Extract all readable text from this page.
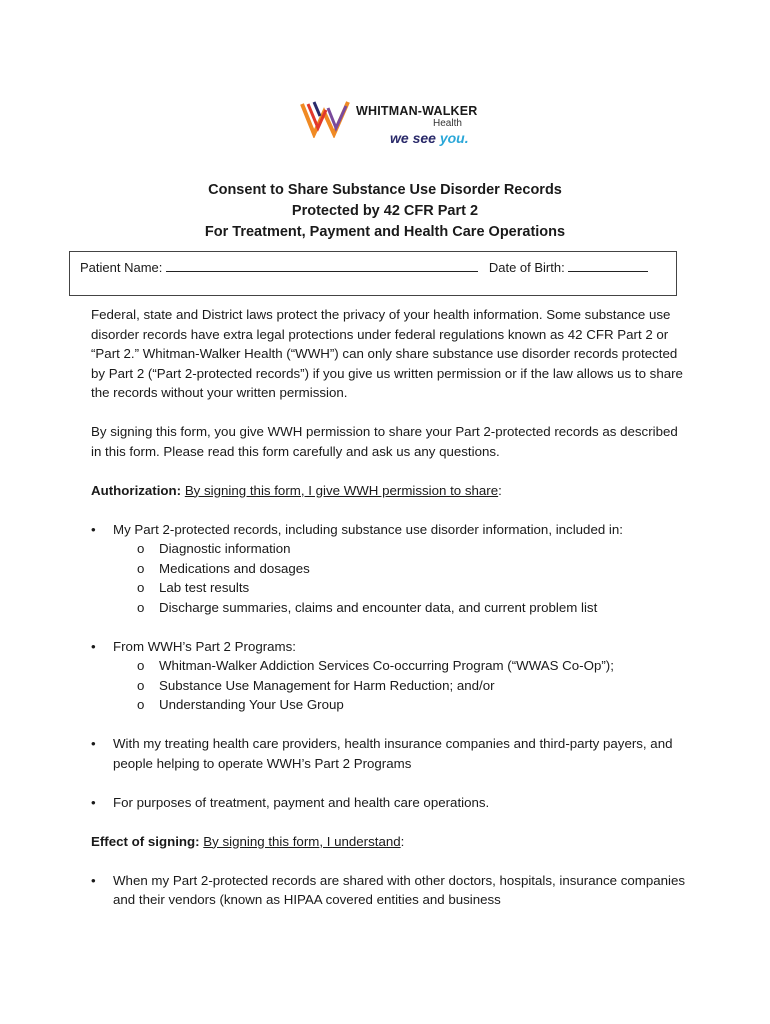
WHITMAN-WALKER
Health
we see you.
Consent to Share Substance Use Disorder Records
Protected by 42 CFR Part 2
For Treatment, Payment and Health Care Operations
Patient Name:	Date of Birth:

Federal, state and District laws protect the privacy of your health information. Some substance use disorder records have extra legal protections under federal regulations known as 42 CFR Part 2 or “Part 2.” Whitman-Walker Health (“WWH”) can only share substance use disorder records protected by Part 2 (“Part 2-protected records”) if you give us written permission or if the law allows us to share the records without your written permission.

By signing this form, you give WWH permission to share your Part 2-protected records as described in this form. Please read this form carefully and ask us any questions.

Authorization: By signing this form, I give WWH permission to share:

• My Part 2-protected records, including substance use disorder information, included in:
o Diagnostic information
o Medications and dosages
o Lab test results
o Discharge summaries, claims and encounter data, and current problem list
• From WWH’s Part 2 Programs:
o Whitman-Walker Addiction Services Co-occurring Program (“WWAS Co-Op”);
o Substance Use Management for Harm Reduction; and/or
o Understanding Your Use Group
• With my treating health care providers, health insurance companies and third-party payers, and people helping to operate WWH’s Part 2 Programs
• For purposes of treatment, payment and health care operations.

Effect of signing: By signing this form, I understand:

• When my Part 2-protected records are shared with other doctors, hospitals, insurance companies and their vendors (known as HIPAA covered entities and business
